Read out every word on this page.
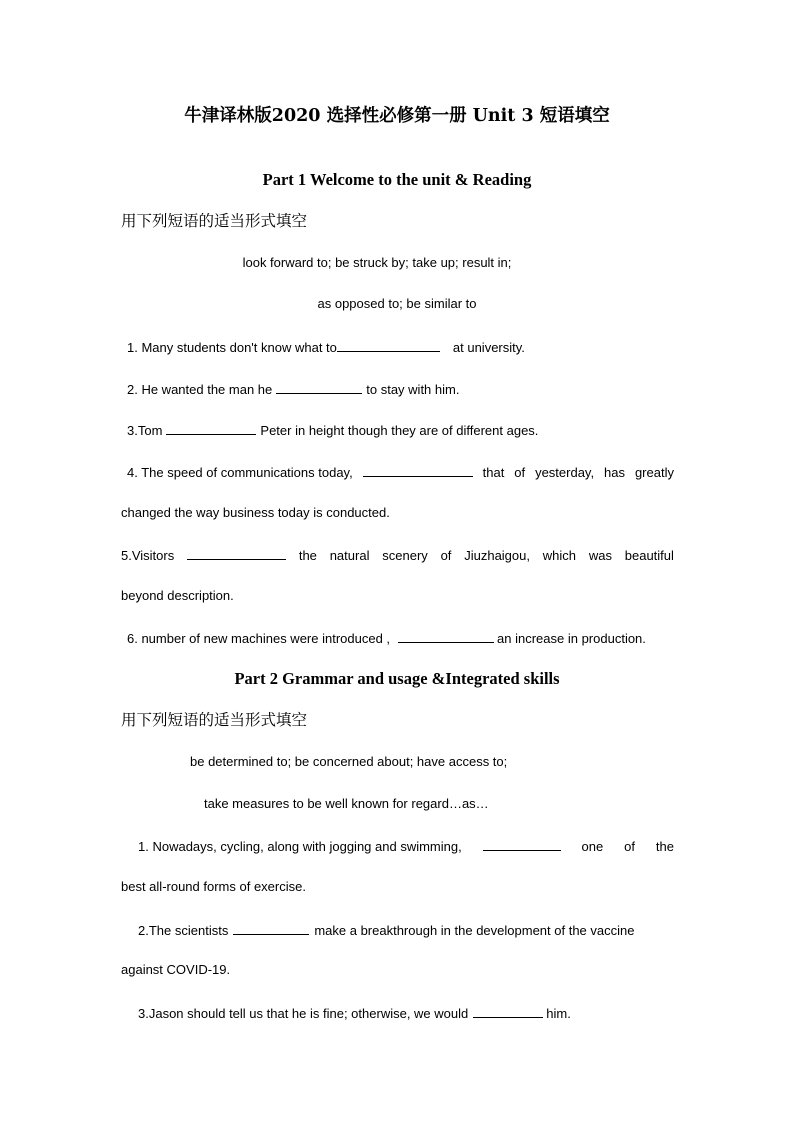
牛津译林版2020 选择性必修第一册 Unit 3 短语填空
Part 1 Welcome to the unit & Reading
用下列短语的适当形式填空
look forward to; be struck by; take up; result in;
as opposed to; be similar to
1. Many students don't know what to	at university.
2. He wanted the man he	to stay with him.
3.Tom	Peter in height though they are of different ages.
4. The speed of communications today,	that of yesterday, has greatly
changed the way business today is conducted.
5.Visitors	the natural scenery of Jiuzhaigou, which was beautiful
beyond description.
6. number of new machines were introduced ,	an increase in production.
Part 2 Grammar and usage &Integrated skills
用下列短语的适当形式填空
be determined to; be concerned about; have access to;
take measures to be well known for regard…as…
1. Nowadays, cycling, along with jogging and swimming,	one of the
best all-round forms of exercise.
2.The scientists	make a breakthrough in the development of the vaccine
against COVID-19.
3.Jason should tell us that he is fine; otherwise, we would	him.
